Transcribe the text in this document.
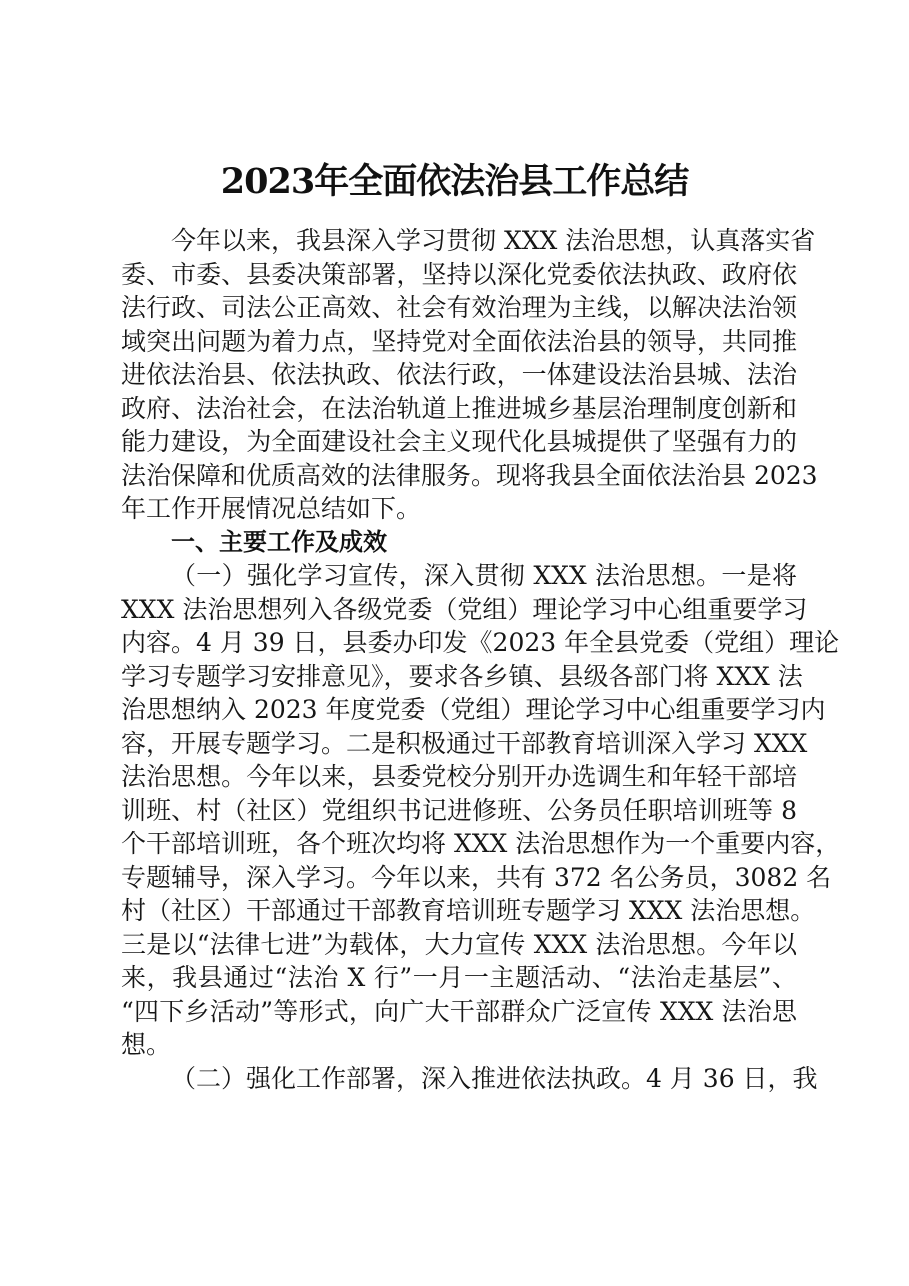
2023年全面依法治县工作总结
今年以来，我县深入学习贯彻 XXX 法治思想，认真落实省
委、市委、县委决策部署，坚持以深化党委依法执政、政府依
法行政、司法公正高效、社会有效治理为主线，以解决法治领
域突出问题为着力点，坚持党对全面依法治县的领导，共同推
进依法治县、依法执政、依法行政，一体建设法治县城、法治
政府、法治社会，在法治轨道上推进城乡基层治理制度创新和
能力建设，为全面建设社会主义现代化县城提供了坚强有力的
法治保障和优质高效的法律服务。现将我县全面依法治县 2023
年工作开展情况总结如下。
一、主要工作及成效
（一）强化学习宣传，深入贯彻 XXX 法治思想。一是将
XXX 法治思想列入各级党委（党组）理论学习中心组重要学习
内容。4 月 39 日，县委办印发《2023 年全县党委（党组）理论
学习专题学习安排意见》，要求各乡镇、县级各部门将 XXX 法
治思想纳入 2023 年度党委（党组）理论学习中心组重要学习内
容，开展专题学习。二是积极通过干部教育培训深入学习 XXX
法治思想。今年以来，县委党校分别开办选调生和年轻干部培
训班、村（社区）党组织书记进修班、公务员任职培训班等 8
个干部培训班，各个班次均将 XXX 法治思想作为一个重要内容，
专题辅导，深入学习。今年以来，共有 372 名公务员，3082 名
村（社区）干部通过干部教育培训班专题学习 XXX 法治思想。
三是以“法律七进”为载体，大力宣传 XXX 法治思想。今年以
来，我县通过“法治 X 行”一月一主题活动、“法治走基层”、
“四下乡活动”等形式，向广大干部群众广泛宣传 XXX 法治思
想。
（二）强化工作部署，深入推进依法执政。4 月 36 日，我
